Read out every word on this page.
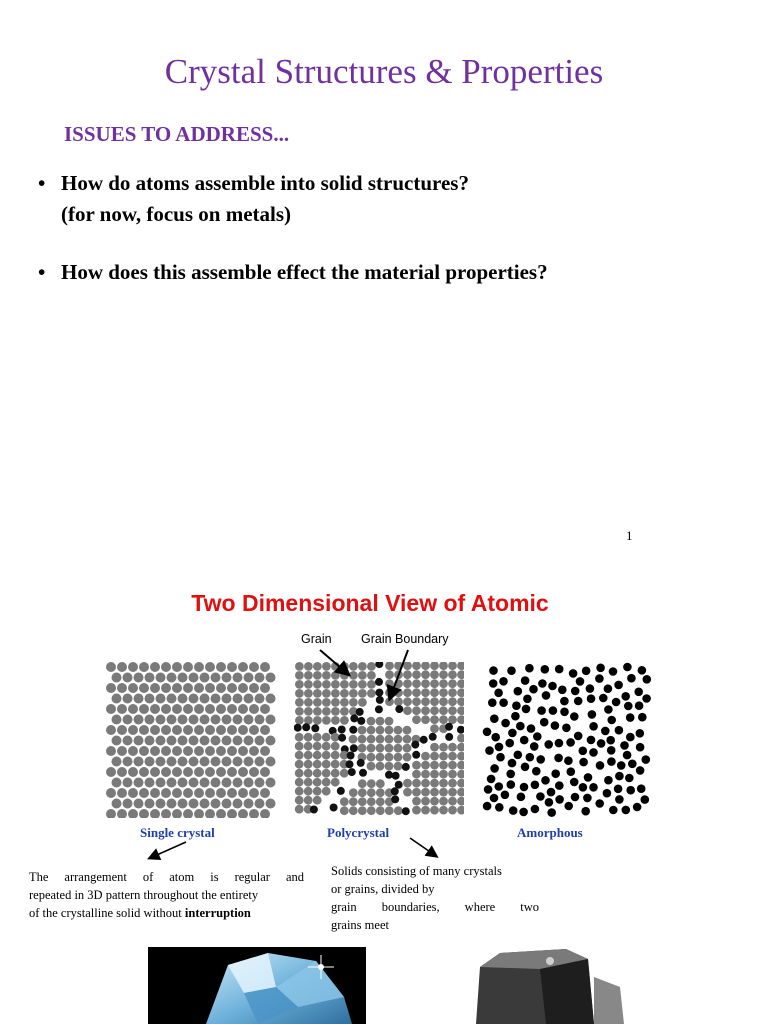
Crystal Structures & Properties
ISSUES TO ADDRESS...
• How do atoms assemble into solid structures?
(for now, focus on metals)
• How does this assemble effect the material properties?
1
Two Dimensional View of Atomic
Grain Grain Boundary
Single crystal	Polycrystal	Amorphous
The arrangement of atom is regular and
repeated in 3D pattern throughout the entirety
of the crystalline solid without interruption
Solids consisting of many crystals
or grains, divided by
grain boundaries, where two
grains meet
